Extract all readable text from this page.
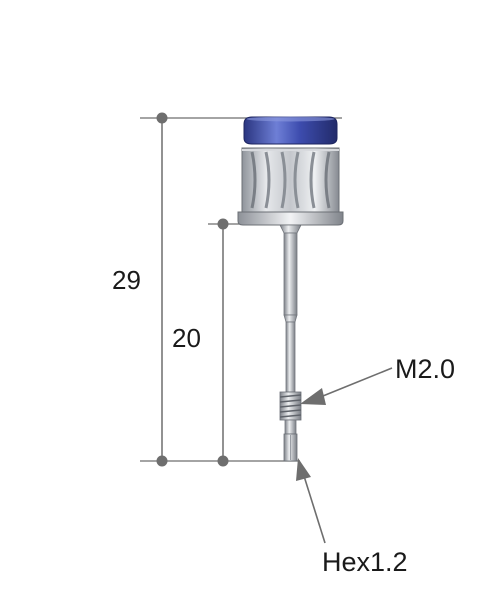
29
20
M2.0
Hex1.2
